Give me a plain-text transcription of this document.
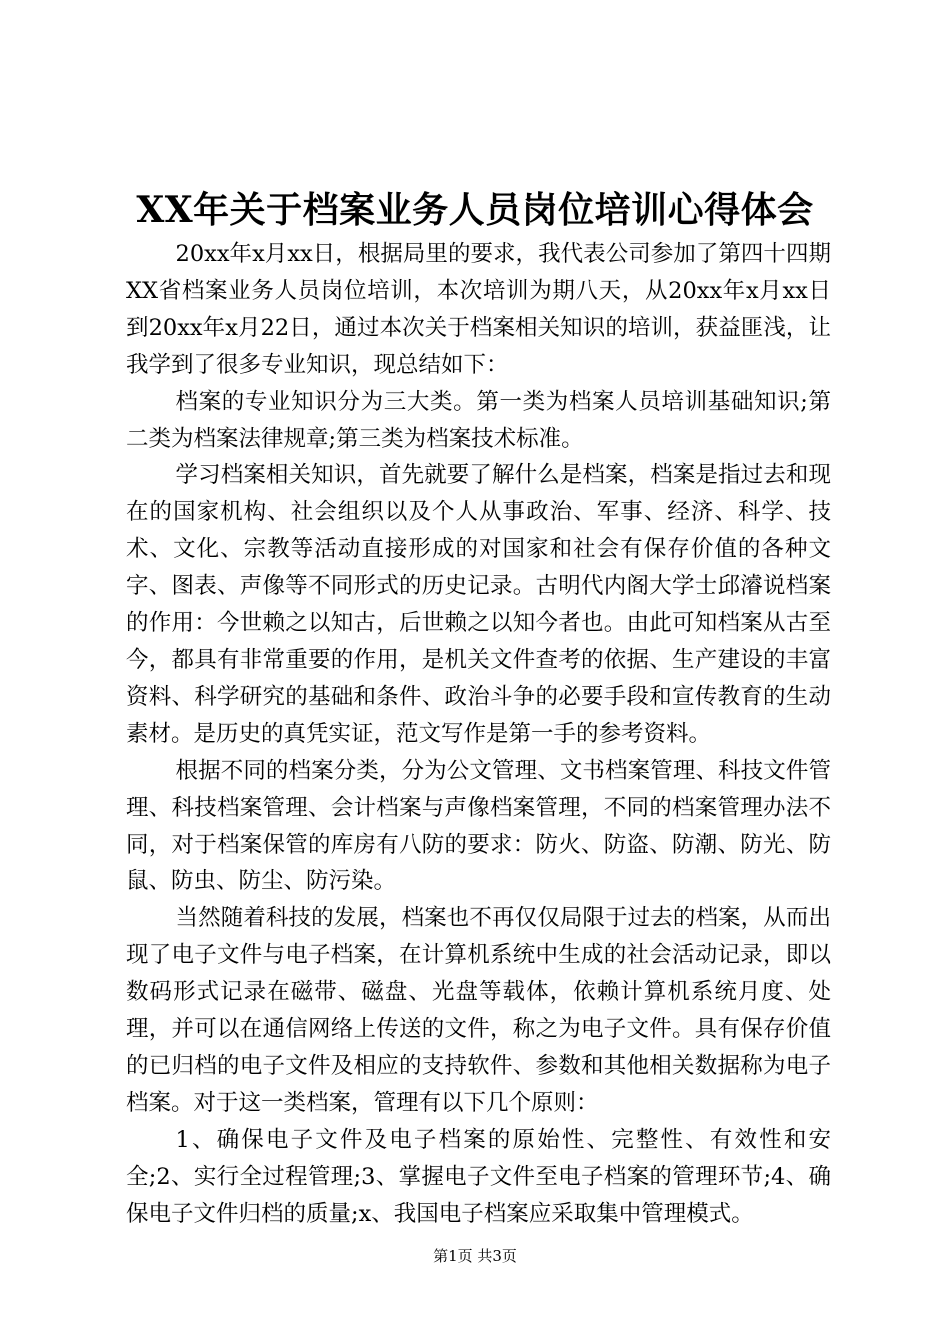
XX年关于档案业务人员岗位培训心得体会

20xx年x月xx日，根据局里的要求，我代表公司参加了第四十四期XX省档案业务人员岗位培训，本次培训为期八天，从20xx年x月xx日到20xx年x月22日，通过本次关于档案相关知识的培训，获益匪浅，让我学到了很多专业知识，现总结如下：

档案的专业知识分为三大类。第一类为档案人员培训基础知识;第二类为档案法律规章;第三类为档案技术标准。

学习档案相关知识，首先就要了解什么是档案，档案是指过去和现在的国家机构、社会组织以及个人从事政治、军事、经济、科学、技术、文化、宗教等活动直接形成的对国家和社会有保存价值的各种文字、图表、声像等不同形式的历史记录。古明代内阁大学士邱濬说档案的作用：今世赖之以知古，后世赖之以知今者也。由此可知档案从古至今，都具有非常重要的作用，是机关文件查考的依据、生产建设的丰富资料、科学研究的基础和条件、政治斗争的必要手段和宣传教育的生动素材。是历史的真凭实证，范文写作是第一手的参考资料。

根据不同的档案分类，分为公文管理、文书档案管理、科技文件管理、科技档案管理、会计档案与声像档案管理，不同的档案管理办法不同，对于档案保管的库房有八防的要求：防火、防盗、防潮、防光、防鼠、防虫、防尘、防污染。

当然随着科技的发展，档案也不再仅仅局限于过去的档案，从而出现了电子文件与电子档案，在计算机系统中生成的社会活动记录，即以数码形式记录在磁带、磁盘、光盘等载体，依赖计算机系统月度、处理，并可以在通信网络上传送的文件，称之为电子文件。具有保存价值的已归档的电子文件及相应的支持软件、参数和其他相关数据称为电子档案。对于这一类档案，管理有以下几个原则：

1、确保电子文件及电子档案的原始性、完整性、有效性和安全;2、实行全过程管理;3、掌握电子文件至电子档案的管理环节;4、确保电子文件归档的质量;x、我国电子档案应采取集中管理模式。

第1页 共3页
